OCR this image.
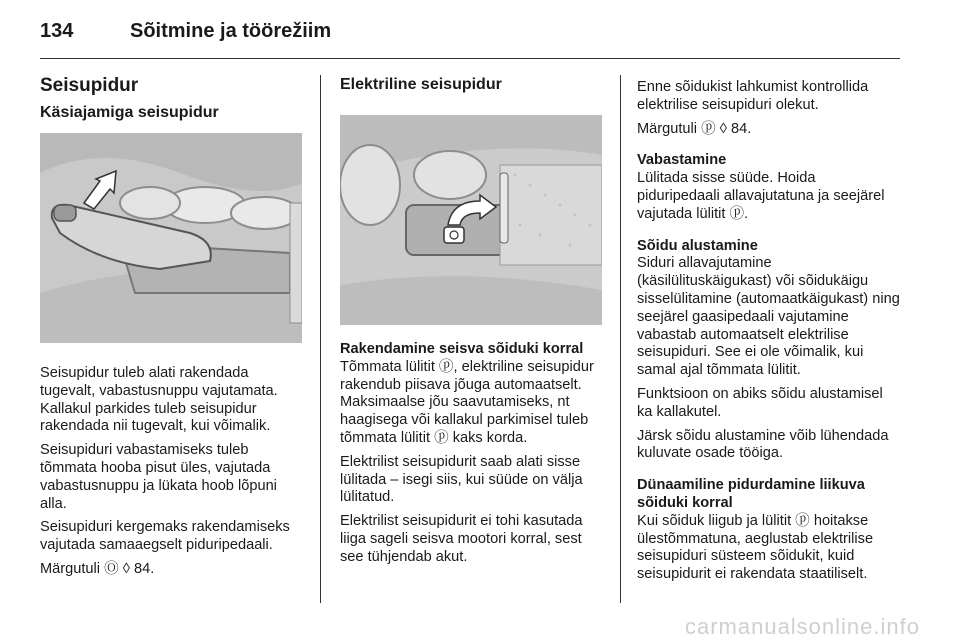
134	Sõitmine ja töörežiim
Seisupidur
Käsiajamiga seisupidur

Seisupidur tuleb alati rakendada tugevalt, vabastusnuppu vajutamata. Kallakul parkides tuleb seisupidur rakendada nii tugevalt, kui võimalik.

Seisupiduri vabastamiseks tuleb tõmmata hooba pisut üles, vajutada vabastusnuppu ja lükata hoob lõpuni alla.

Seisupiduri kergemaks rakendamiseks vajutada samaaegselt piduripedaali.

Märgutuli Ⓞ ◊ 84.

Elektriline seisupidur
Rakendamine seisva sõiduki korral

Tõmmata lülitit ⓟ, elektriline seisupidur rakendub piisava jõuga automaatselt. Maksimaalse jõu saavutamiseks, nt haagisega või kallakul parkimisel tuleb tõmmata lülitit ⓟ kaks korda.

Elektrilist seisupidurit saab alati sisse lülitada – isegi siis, kui süüde on välja lülitatud.

Elektrilist seisupidurit ei tohi kasutada liiga sageli seisva mootori korral, sest see tühjendab akut.

Enne sõidukist lahkumist kontrollida elektrilise seisupiduri olekut.

Märgutuli ⓟ ◊ 84.

Vabastamine

Lülitada sisse süüde. Hoida piduripedaali allavajutatuna ja seejärel vajutada lülitit ⓟ.

Sõidu alustamine

Siduri allavajutamine (käsilülituskäigukast) või sõidukäigu sisselülitamine (automaatkäigukast) ning seejärel gaasipedaali vajutamine vabastab automaatselt elektrilise seisupiduri. See ei ole võimalik, kui samal ajal tõmmata lülitit.

Funktsioon on abiks sõidu alustamisel ka kallakutel.

Järsk sõidu alustamine võib lühendada kuluvate osade tööiga.

Dünaamiline pidurdamine liikuva sõiduki korral

Kui sõiduk liigub ja lülitit ⓟ hoitakse ülestõmmatuna, aeglustab elektrilise seisupiduri süsteem sõidukit, kuid seisupidurit ei rakendata staatiliselt.

carmanualsonline.info
